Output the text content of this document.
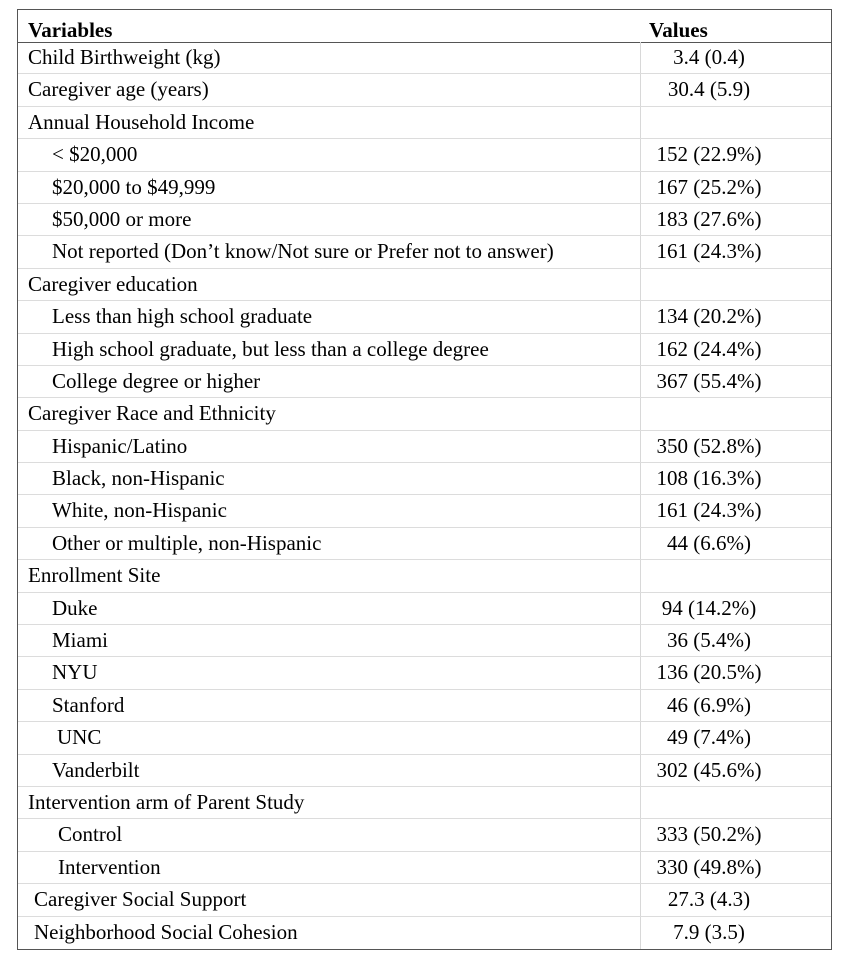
Variables	Values
Child Birthweight (kg)	3.4 (0.4)
Caregiver age (years)	30.4 (5.9)
Annual Household Income
< $20,000	152 (22.9%)
$20,000 to $49,999	167 (25.2%)
$50,000 or more	183 (27.6%)
Not reported (Don’t know/Not sure or Prefer not to answer)	161 (24.3%)
Caregiver education
Less than high school graduate	134 (20.2%)
High school graduate, but less than a college degree	162 (24.4%)
College degree or higher	367 (55.4%)
Caregiver Race and Ethnicity
Hispanic/Latino	350 (52.8%)
Black, non-Hispanic	108 (16.3%)
White, non-Hispanic	161 (24.3%)
Other or multiple, non-Hispanic	44 (6.6%)
Enrollment Site
Duke	94 (14.2%)
Miami	36 (5.4%)
NYU	136 (20.5%)
Stanford	46 (6.9%)
UNC	49 (7.4%)
Vanderbilt	302 (45.6%)
Intervention arm of Parent Study
Control	333 (50.2%)
Intervention	330 (49.8%)
Caregiver Social Support	27.3 (4.3)
Neighborhood Social Cohesion	7.9 (3.5)
